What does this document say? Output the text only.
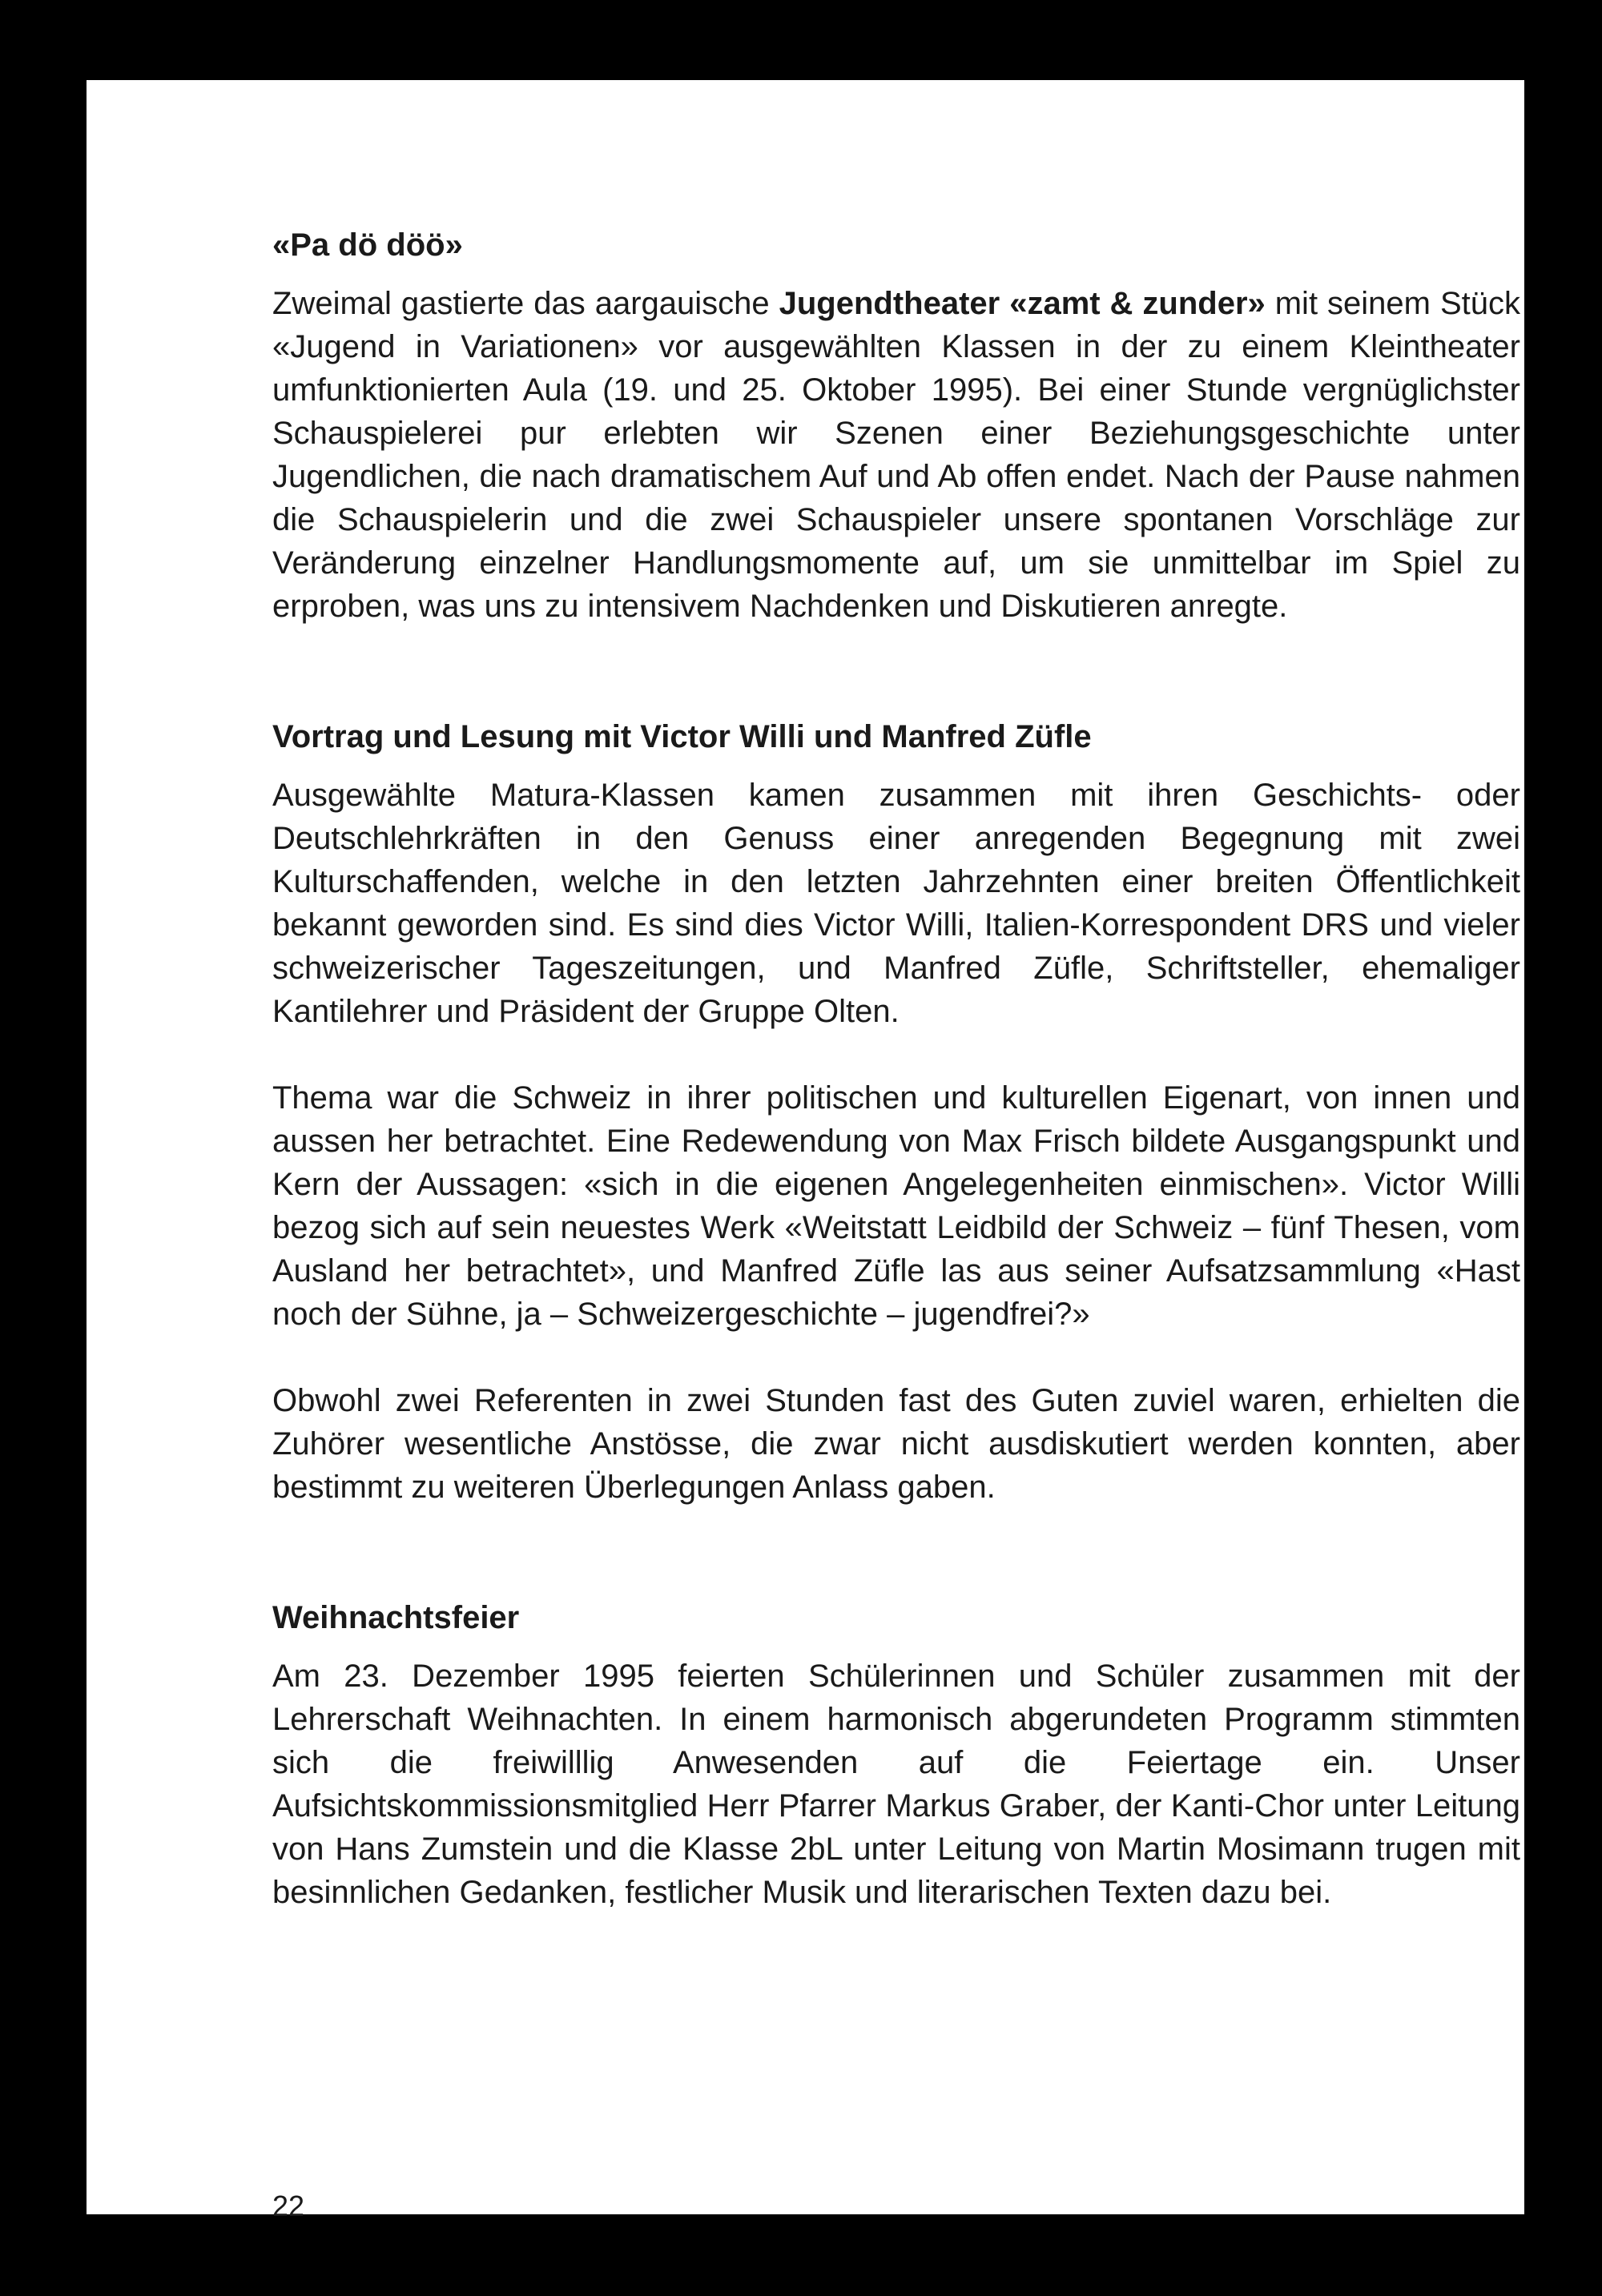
«Pa dö döö»

Zweimal gastierte das aargauische Jugendtheater «zamt & zunder» mit seinem Stück «Jugend in Variationen» vor ausgewählten Klassen in der zu einem Kleintheater umfunktionierten Aula (19. und 25. Oktober 1995). Bei einer Stunde vergnüglichster Schauspielerei pur erlebten wir Szenen einer Beziehungsgeschichte unter Jugendlichen, die nach dramatischem Auf und Ab offen endet. Nach der Pause nahmen die Schauspielerin und die zwei Schauspieler unsere spontanen Vorschläge zur Veränderung einzelner Handlungsmomente auf, um sie unmittelbar im Spiel zu erproben, was uns zu intensivem Nachdenken und Diskutieren anregte.

Vortrag und Lesung mit Victor Willi und Manfred Züfle

Ausgewählte Matura-Klassen kamen zusammen mit ihren Geschichts- oder Deutschlehrkräften in den Genuss einer anregenden Begegnung mit zwei Kulturschaffenden, welche in den letzten Jahrzehnten einer breiten Öffentlichkeit bekannt geworden sind. Es sind dies Victor Willi, Italien-Korrespondent DRS und vieler schweizerischer Tageszeitungen, und Manfred Züfle, Schriftsteller, ehemaliger Kantilehrer und Präsident der Gruppe Olten.

Thema war die Schweiz in ihrer politischen und kulturellen Eigenart, von innen und aussen her betrachtet. Eine Redewendung von Max Frisch bildete Ausgangspunkt und Kern der Aussagen: «sich in die eigenen Angelegenheiten einmischen». Victor Willi bezog sich auf sein neuestes Werk «Weitstatt Leidbild der Schweiz – fünf Thesen, vom Ausland her betrachtet», und Manfred Züfle las aus seiner Aufsatzsammlung «Hast noch der Sühne, ja – Schweizergeschichte – jugendfrei?»

Obwohl zwei Referenten in zwei Stunden fast des Guten zuviel waren, erhielten die Zuhörer wesentliche Anstösse, die zwar nicht ausdiskutiert werden konnten, aber bestimmt zu weiteren Überlegungen Anlass gaben.

Weihnachtsfeier

Am 23. Dezember 1995 feierten Schülerinnen und Schüler zusammen mit der Lehrerschaft Weihnachten. In einem harmonisch abgerundeten Programm stimmten sich die freiwilllig Anwesenden auf die Feiertage ein. Unser Aufsichtskommissionsmitglied Herr Pfarrer Markus Graber, der Kanti-Chor unter Leitung von Hans Zumstein und die Klasse 2bL unter Leitung von Martin Mosimann trugen mit besinnlichen Gedanken, festlicher Musik und literarischen Texten dazu bei.

22
